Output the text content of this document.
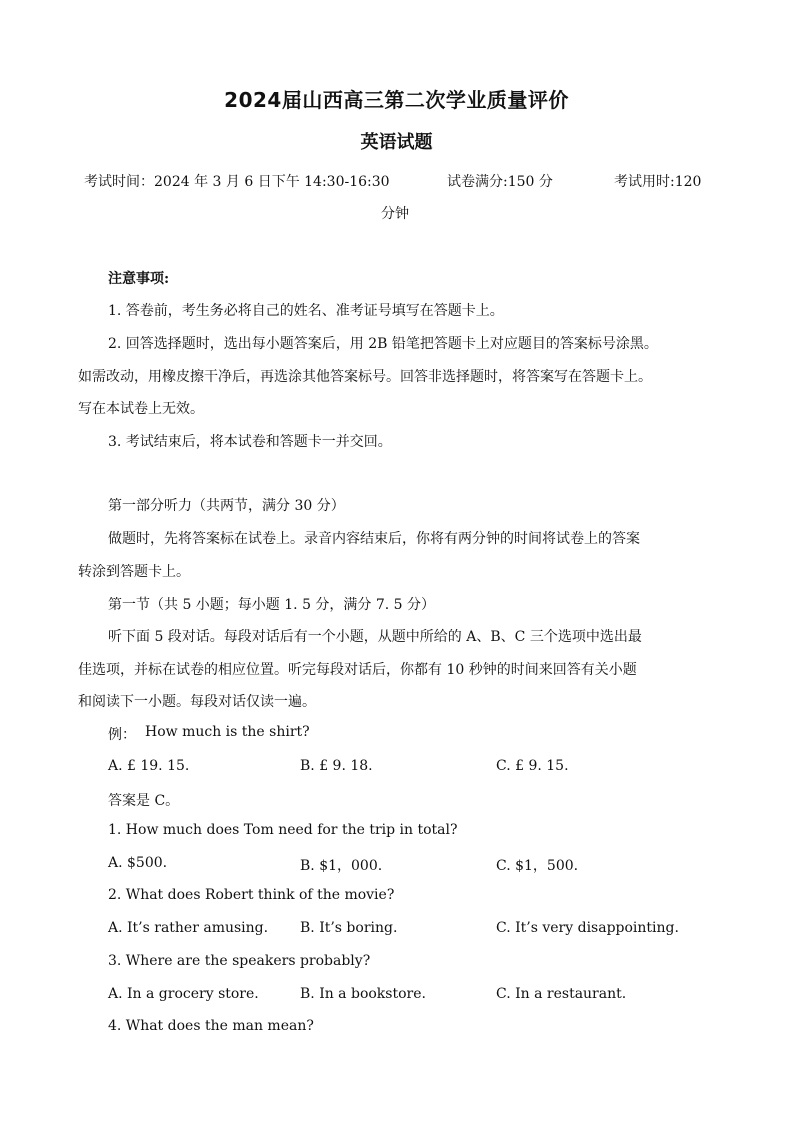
2024届山西高三第二次学业质量评价
英语试题
考试时间：2024 年 3 月 6 日下午 14:30-16:30	试卷满分:150 分	考试用时:120
分钟
注意事项:
1. 答卷前，考生务必将自己的姓名、准考证号填写在答题卡上。
2. 回答选择题时，选出每小题答案后，用 2B 铅笔把答题卡上对应题目的答案标号涂黑。
如需改动，用橡皮擦干净后，再选涂其他答案标号。回答非选择题时，将答案写在答题卡上。
写在本试卷上无效。
3. 考试结束后，将本试卷和答题卡一并交回。
第一部分听力（共两节，满分 30 分）
做题时，先将答案标在试卷上。录音内容结束后，你将有两分钟的时间将试卷上的答案
转涂到答题卡上。
第一节（共 5 小题；每小题 1. 5 分，满分 7. 5 分）
听下面 5 段对话。每段对话后有一个小题，从题中所给的 A、B、C 三个选项中选出最
佳选项，并标在试卷的相应位置。听完每段对话后，你都有 10 秒钟的时间来回答有关小题
和阅读下一小题。每段对话仅读一遍。
例： How much is the shirt?
A. £ 19. 15.	B. £ 9. 18.	C. £ 9. 15.
答案是 C。
1. How much does Tom need for the trip in total?
A. $500.	B. $1，000.	C. $1，500.
2. What does Robert think of the movie?
A. It’s rather amusing. B. It’s boring.	C. It’s very disappointing.
3. Where are the speakers probably?
A. In a grocery store.	B. In a bookstore.	C. In a restaurant.
4. What does the man mean?
